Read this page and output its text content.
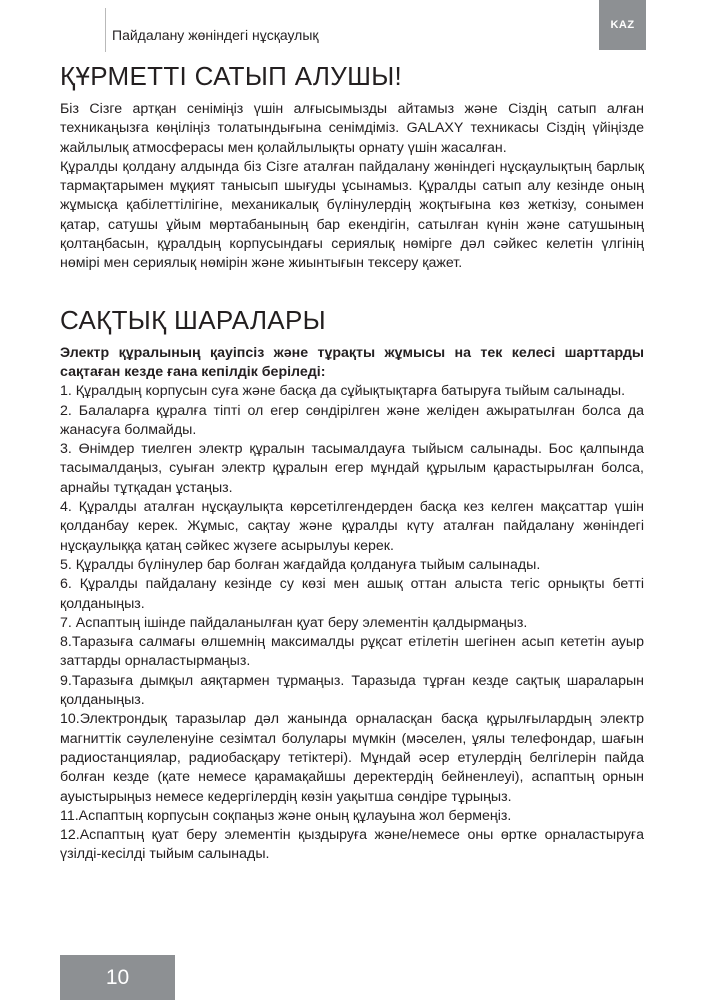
Пайдалану жөніндегі нұсқаулық
KAZ
ҚҰРМЕТТІ САТЫП АЛУШЫ!

Біз Сізге артқан сеніміңіз үшін алғысымызды айтамыз және Сіздің сатып алған техникаңызға көңіліңіз толатындығына сенімдіміз. GALAXY техникасы Сіздің үйіңізде жайлылық атмосферасы мен қолайлылықты орнату үшін жасалған.

Құралды қолдану алдында біз Сізге аталған пайдалану жөніндегі нұсқаулықтың барлық тармақтарымен мұқият танысып шығуды ұсынамыз. Құралды сатып алу кезінде оның жұмысқа қабілеттілігіне, механикалық бүлінулердің жоқтығына көз жеткізу, сонымен қатар, сатушы ұйым мөртабанының бар екендігін, сатылған күнін және сатушының қолтаңбасын, құралдың корпусындағы сериялық нөмірге дәл сәйкес келетін үлгінің нөмірі мен сериялық нөмірін және жиынтығын тексеру қажет.

САҚТЫҚ ШАРАЛАРЫ

Электр құралының қауіпсіз және тұрақты жұмысы на тек келесі шарттарды сақтаған кезде ғана кепілдік беріледі:

1. Құралдың корпусын суға және басқа да сұйықтықтарға батыруға тыйым салынады.

2. Балаларға құралға тіпті ол егер сөндірілген және желіден ажыратылған болса да жанасуға болмайды.

3. Өнімдер тиелген электр құралын тасымалдауға тыйысм салынады. Бос қалпында тасымалдаңыз, суыған электр құралын егер мұндай құрылым қарастырылған болса, арнайы тұтқадан ұстаңыз.

4. Құралды аталған нұсқаулықта көрсетілгендерден басқа кез келген мақсаттар үшін қолданбау керек. Жұмыс, сақтау және құралды күту аталған пайдалану жөніндегі нұсқаулыққа қатаң сәйкес жүзеге асырылуы керек.

5. Құралды бүлінулер бар болған жағдайда қолдануға тыйым салынады.

6. Құралды пайдалану кезінде су көзі мен ашық оттан алыста тегіс орнықты бетті қолданыңыз.

7. Аспаптың ішінде пайдаланылған қуат беру элементін қалдырмаңыз.

8.Таразыға салмағы өлшемнің максималды рұқсат етілетін шегінен асып кететін ауыр заттарды орналастырмаңыз.

9.Таразыға дымқыл аяқтармен тұрмаңыз. Таразыда тұрған кезде сақтық шараларын қолданыңыз.

10.Электрондық таразылар дәл жанында орналасқан басқа құрылғылардың электр магниттік сәулеленуіне сезімтал болулары мүмкін (мәселен, ұялы телефондар, шағын радиостанциялар, радиобасқару тетіктері). Мұндай әсер етулердің белгілерін пайда болған кезде (қате немесе қарамақайшы деректердің бейненлеуі), аспаптың орнын ауыстырыңыз немесе кедергілердің көзін уақытша сөндіре тұрыңыз.

11.Аспаптың корпусын соқпаңыз және оның құлауына жол бермеңіз.

12.Аспаптың қуат беру элементін қыздыруға және/немесе оны өртке орналастыруға үзілді-кесілді тыйым салынады.

10
